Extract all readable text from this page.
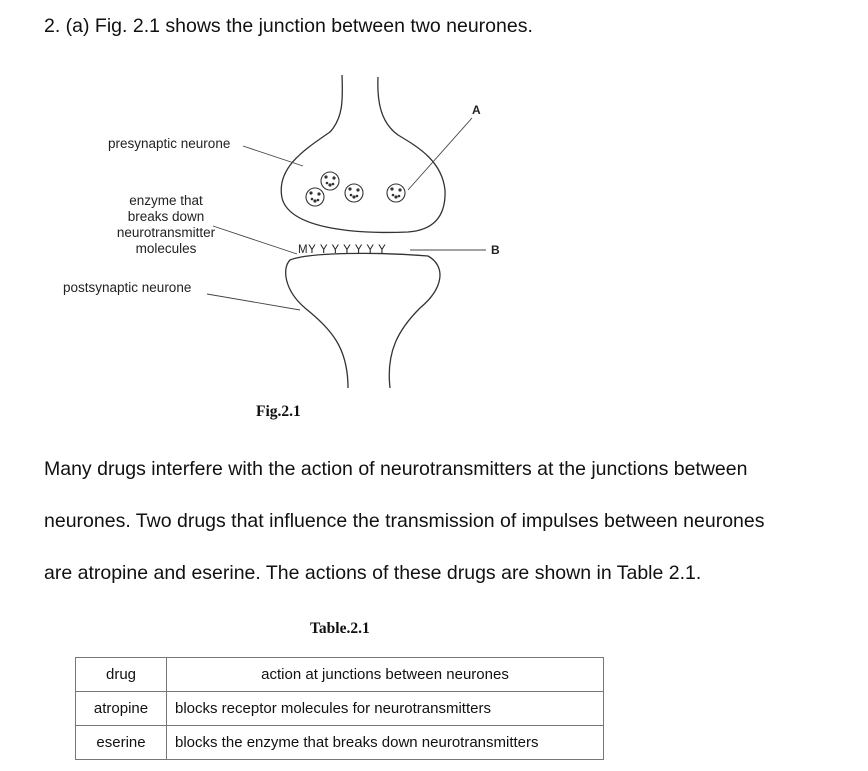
2. (a) Fig. 2.1 shows the junction between two neurones.
presynaptic neurone
enzyme that
breaks down
neurotransmitter
molecules
postsynaptic neurone
MY Y Y Y Y Y Y
A
B
Fig.2.1
Many drugs interfere with the action of neurotransmitters at the junctions between
neurones. Two drugs that influence the transmission of impulses between neurones
are atropine and eserine. The actions of these drugs are shown in Table 2.1.
Table.2.1
drug	action at junctions between neurones
atropine	blocks receptor molecules for neurotransmitters
eserine	blocks the enzyme that breaks down neurotransmitters
